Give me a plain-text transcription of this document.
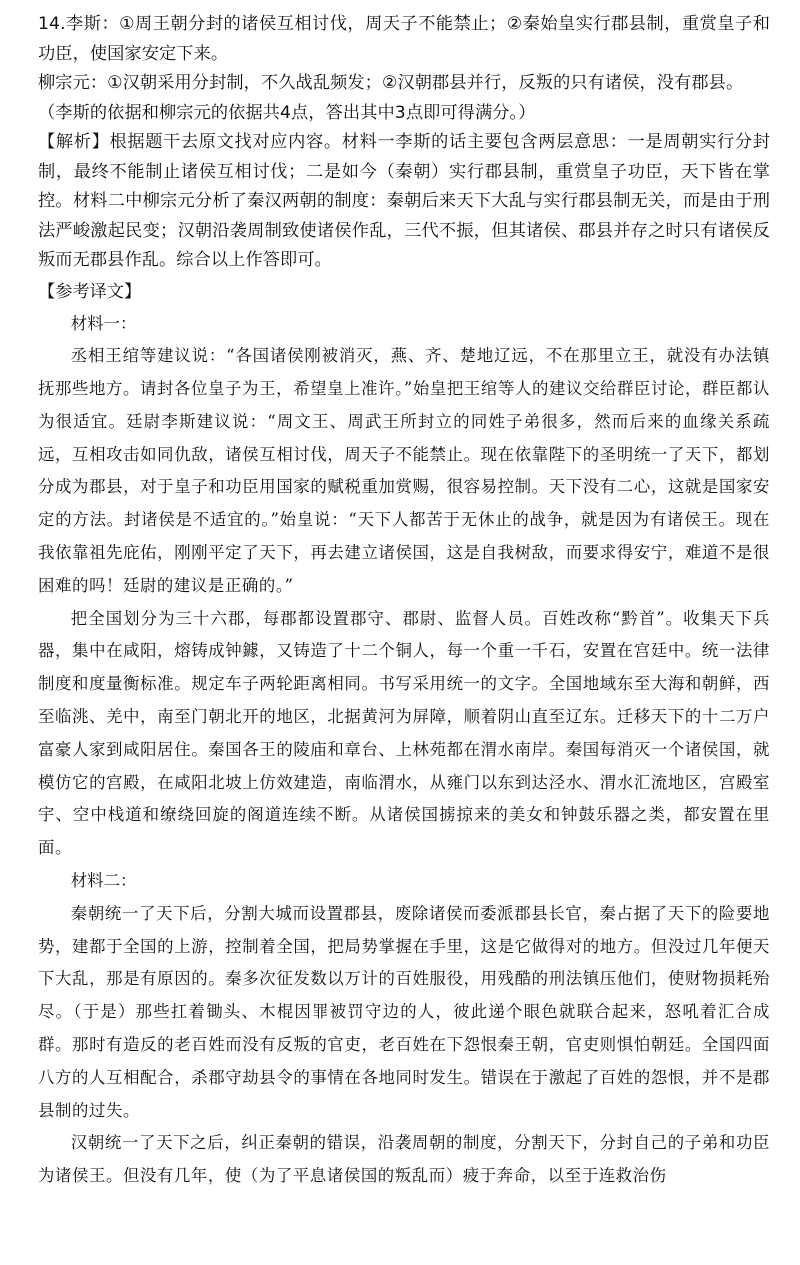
14.李斯：①周王朝分封的诸侯互相讨伐，周天子不能禁止；②秦始皇实行郡县制，重赏皇子和功臣，使国家安定下来。

柳宗元：①汉朝采用分封制，不久战乱频发；②汉朝郡县并行，反叛的只有诸侯，没有郡县。

（李斯的依据和柳宗元的依据共4点，答出其中3点即可得满分。）

【解析】根据题干去原文找对应内容。材料一李斯的话主要包含两层意思：一是周朝实行分封制，最终不能制止诸侯互相讨伐；二是如今（秦朝）实行郡县制，重赏皇子功臣，天下皆在掌控。材料二中柳宗元分析了秦汉两朝的制度：秦朝后来天下大乱与实行郡县制无关，而是由于刑法严峻激起民变；汉朝沿袭周制致使诸侯作乱，三代不振，但其诸侯、郡县并存之时只有诸侯反叛而无郡县作乱。综合以上作答即可。

【参考译文】

材料一：

丞相王绾等建议说：“各国诸侯刚被消灭，燕、齐、楚地辽远，不在那里立王，就没有办法镇抚那些地方。请封各位皇子为王，希望皇上准许。”始皇把王绾等人的建议交给群臣讨论，群臣都认为很适宜。廷尉李斯建议说：“周文王、周武王所封立的同姓子弟很多，然而后来的血缘关系疏远，互相攻击如同仇敌，诸侯互相讨伐，周天子不能禁止。现在依靠陛下的圣明统一了天下，都划分成为郡县，对于皇子和功臣用国家的赋税重加赏赐，很容易控制。天下没有二心，这就是国家安定的方法。封诸侯是不适宜的。”始皇说：“天下人都苦于无休止的战争，就是因为有诸侯王。现在我依靠祖先庇佑，刚刚平定了天下，再去建立诸侯国，这是自我树敌，而要求得安宁，难道不是很困难的吗！廷尉的建议是正确的。”

把全国划分为三十六郡，每郡都设置郡守、郡尉、监督人员。百姓改称“黔首”。收集天下兵器，集中在咸阳，熔铸成钟鐻，又铸造了十二个铜人，每一个重一千石，安置在宫廷中。统一法律制度和度量衡标准。规定车子两轮距离相同。书写采用统一的文字。全国地域东至大海和朝鲜，西至临洮、羌中，南至门朝北开的地区，北据黄河为屏障，顺着阴山直至辽东。迁移天下的十二万户富豪人家到咸阳居住。秦国各王的陵庙和章台、上林苑都在渭水南岸。秦国每消灭一个诸侯国，就模仿它的宫殿，在咸阳北坡上仿效建造，南临渭水，从雍门以东到达泾水、渭水汇流地区，宫殿室宇、空中栈道和缭绕回旋的阁道连续不断。从诸侯国掳掠来的美女和钟鼓乐器之类，都安置在里面。

材料二：

秦朝统一了天下后，分割大城而设置郡县，废除诸侯而委派郡县长官，秦占据了天下的险要地势，建都于全国的上游，控制着全国，把局势掌握在手里，这是它做得对的地方。但没过几年便天下大乱，那是有原因的。秦多次征发数以万计的百姓服役，用残酷的刑法镇压他们，使财物损耗殆尽。（于是）那些扛着锄头、木棍因罪被罚守边的人，彼此递个眼色就联合起来，怒吼着汇合成群。那时有造反的老百姓而没有反叛的官吏，老百姓在下怨恨秦王朝，官吏则惧怕朝廷。全国四面八方的人互相配合，杀郡守劫县令的事情在各地同时发生。错误在于激起了百姓的怨恨，并不是郡县制的过失。

汉朝统一了天下之后，纠正秦朝的错误，沿袭周朝的制度，分割天下，分封自己的子弟和功臣为诸侯王。但没有几年，使（为了平息诸侯国的叛乱而）疲于奔命，以至于连救治伤
